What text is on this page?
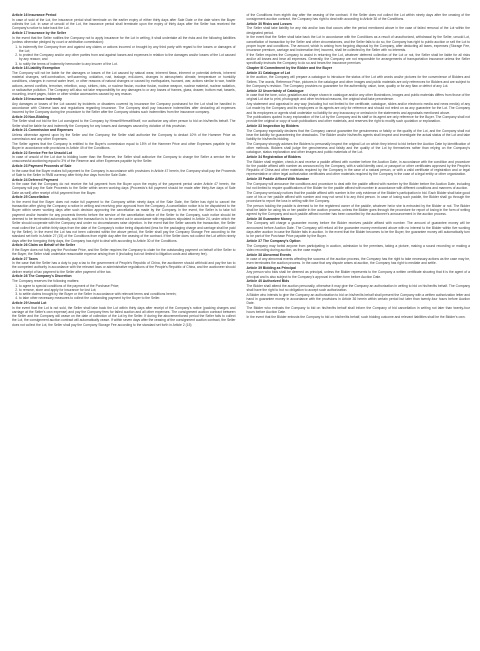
Article 16 Insurance Period

In case of sold of the Lot, the insurance period shall terminate on the earlier expiry of either thirty days after Sale Date or the date when the Buyer collects the Lot. In case of unsold of the Lot, the insurance period shall terminate upon the expiry of thirty days after the Seller has received the Company's notice to take back the Lot.

Article 17 Insurance by the Seller

In the event that the Seller notifies the Company not to apply insurance for the Lot in writing, it shall undertake all the risks and the following liabilities (unless otherwise pledged by court or arbitration commission):

1. to indemnify the Company from and against any claims or actions incurred or brought by any third party with regard to the losses or damages of the Lot;
2. to protect the Company and/or any other parties from and against losses and expenses in relation to the damages and/or losses of the Lot caused by any reason; and
3. to notify the terms of indemnity hereunder to any insurer of the Lot.
Article 18 Liability Exemption

The Company will not be liable for the damages or losses of the Lot caused by natural wear, inherent flaws, inherent or potential defects, inherent material changes, self-combustion, self-warming, oxidation, rust, leakage, evil-doers, changes in atmospheric climate, temperature or humidity conditions, changes in normal water level, or other reasons of natural changes or caused by earthquakes, tsunami, war, actions similar to war, hostile actions, armed conflicts, terrorism, rebellion, coup, strikes, riots, or nuclear fission, nuclear fusion, nuclear weapon, nuclear material, nuclear radiation, or radioactive pollution. The Company will also not take responsibility for any damages to or any losses of frames, glass, drawer, bottom mat, tassels, mounting, insert pages, folder or other similar accessories caused by any reason.

Article 19 Insurance Indemnity

Any damages or losses of the Lot caused by incidents or disasters covered by insurance the Company purchased for the Lot shall be handled in accordance with Chinese laws and regulations regarding insurance. The Company shall pay insurance indemnities after deducting all expenses incurred by the Company during the procedure to the Seller after the Company obtains such indemnities from the insurance company.

Article 20 Non-Bidding

The Seller shall not bid for the Lot consigned to the Company by Himself/Herself/Itself, nor authorize any other person to bid on his/her/its behalf. The Seller shall be liable for and indemnify the Company for any losses and damages caused by violation of this provision.

Article 21 Commission and Expenses

Unless otherwise agreed upon by the Seller and the Company, the Seller shall authorize the Company to deduct 10% of the Hammer Price as commission and any other Expenses.

The Seller agrees that the Company is entitled to the Buyer's commission equal to 15% of the Hammer Price and other Expenses payable by the Buyer in accordance with provisions in Article 49 of the Conditions.

Article 22 Service Fee for Unsold Lot

In case of unsold of the Lot due to bidding lower than the Reserve, the Seller shall authorize the Company to charge the Seller a service fee for unsuccessful auctioning equal to 3% of the Reserve and other Expenses payable by the Seller.

Article 23 Payment Proceeds of Sale

In the case that the Buyer makes full payment to the Company in accordance with provisions in Article 47 herein, the Company shall pay the Proceeds of Sale to the Seller in RMB currency after thirty-five days from the Sale Date.

Article 24 Deferred Payment

In the case that the Company do not receive the full payment from the Buyer upon the expiry of the payment period under Article 47 herein, the Company will pay the Sale Proceeds to the Seller within seven working days (Proceeds's full payment should be made after thirty-five days of Sale Date as well) after receipt of full payment from the Buyer.

Article 25 Cancellation

In the event that the Buyer does not make full payment to the Company within ninety days of the Sale Date, the Seller has right to cancel the transaction after giving the Company a notice in writing and receiving prior approval from the Company. A cancellation notice is to be dispatched to the Buyer within seven working days after such decision approving the cancellation as made by the Company. In the event, the Seller is to take full payment and/or transfer for any proceeds thereto before the service of the cancellation notice of the Seller to the Company, such notice should be deemed to be terminated automatically, and the transaction is to be carried out in accordance with regulations stipulated in Article 24, under which the Seller should cooperate with the Company and under no circumstances raise objection. In the event that the Seller cancels the transaction, the Seller must collect the Lot within thirty days from the date of the Company's notice being dispatched (less for the packaging charge and carriage shall be paid by the Seller). In the event the Lot has not been collected within the above period, the Seller shall pay the Company Storage Fee according to the standard set forth in Article 27 (15) of the Conditions from eighth day after the ceasing of the contract. If the Seller does not collect the Lot within ninety days after the foregoing thirty days, the Company has right to deal with according to Article 30 of the Conditions.

Article 26 Claim on Behalf of the Seller

If the Buyer does not fully pay the Purchase Price, and the Seller requires the Company to claim for the outstanding payment on behalf of the Seller to the Buyer, the Seller shall undertake reasonable expense arising from it (including but not limited to litigation costs and attorney fee).

Article 27 Taxes

In the case that the Seller has a duty to pay a tax to the government of People's Republic of China, the auctioneer should withhold and pay the tax to the competent authority in accordance with the relevant laws or administrative regulations of the People's Republic of China, and the auctioneer should deliver receipt of tax payment to the Seller after payment of the tax.

Article 28 The Company's Discretion

The Company reserves the following matters:

1. to agree to special conditions of the payment of the Purchase Price;
2. to remove, store and apply for insurance for lost Lot;
3. to settle claims brought by the Buyer or the Seller in accordance with relevant terms and conditions herein;
4. to take other necessary measures to collect the outstanding payment by the Buyer to the Seller.
Article 29 Unsold Lot

In the event that the Lot is not sold, the Seller shall take back the Lot within thirty days after receipt of the Company's notice (packing charges and carriage at the Seller's own expense) and pay the Company fees for failed auction and all other expenses. The consignment auction contract between the Seller and the Company will cease on the date of collection of the Lot by the Seller. If during the abovementioned period the Seller fails to collect the Lot, the consignment auction contract will automatically cease. If within seven days after the ceasing of the consignment auction contract, the Seller does not collect the Lot, the Seller shall pay the Company Storage Fee according to the standard set forth in Article 2 (15)

of the Conditions from eighth day after the ceasing of the contract. If the Seller does not collect the Lot within ninety days after the ceasing of the consignment auction contract, the Company has right to deal with according to Article 30 of the Conditions.

Article 30 Risks and Losses

The Seller shall take liability for any risk and/or loss that occurs after the period mentioned above in the case of failed removal of the Lot within the designated period.

In the event that the Seller shall take back the Lot in accordance with the Conditions as a result of unauthorized, withdrawal by the Seller, unsold Lot, cancellation of transaction by the Seller and other circumstances, and the Seller fails to do so, the Company has right to public auction or sell the Lot to proper buyer and conditions. The amount, which is arising from forgoing disposal by the Company, after deducting all taxes, expenses (Storage Fee, insurance premium, carriage and incineration fee) incurred, shall be collected by the Seller with no interests.

If the Seller requires the Company to assist in returning the Lot, whatever deferred collection of the Lot or not, the Seller shall be liable for all risks and/or all losses and bear all expenses. Generally, the Company are not responsible for arrangements of transportation insurance unless the Seller specifically instructs the Company to do so and bears the insurance premium.

Chapter III Commitment by the Bidder and the Buyer
Article 31 Catalogue of Lot

In the auction, the Company will prepare a catalogue to introduce the status of the Lot with words and/or pictures for the convenience of Bidders and Sellers. The words, Reference Price, pictures in the catalogue and other images and public materials are only references for Bidders and are subject to the Company's revision. The Company provides no guarantee for the authenticity, value, tone, quality or for any flaw or defect of any Lot.

Article 32 Uncertainty of Catalogue

In case that the tone, color, gradation and shape shown in catalogue and/or any other illustrations, images and public materials differs from those of the original Lot due to print, photograph and other technical reasons, the original shall take precedence.

Any statement and appraisal in any way (including but not limited to the certificate, catalogue, slides and/or electronic media and news media) of any Lot made by the Company and its employees or its agents are only for reference and should not relied on as any guarantee for the Lot. The Company and its employees or agents shall undertake no liability for any inaccuracy or omission in the statements and appraisals mentioned above.

The publications quoted in any explanation of the Lot by the Company and its staff or its agent are only reference for the Buyer. The Company shall not provide the original or copy of such publications and other materials, and reserves the right to modify such quotation or explanation.

Article 33 Inspection by Bidders

The Company especially declares that the Company cannot guarantee the genuineness or falsity or the quality of the Lot, and the Company shall not bear the liability for guaranteeing the drawbacks. The Bidder and/or his/her/its agents shall inspect and investigate the actual status of the Lot and take liability for his/her/its bidding.

The Company strongly advises the Bidders to personally inspect the original Lot on which they intend to bid before the Auction Date by identification of other methods. Bidders shall judge the genuineness and falsity and the quality of the Lot by themselves rather than relying on the Company's catalogue, status explanation and other images and public materials of the Lot.

Article 34 Registration of Bidders

The Bidder shall register, check-in and receive a paddle affixed with number before the Auction Date, in accordance with the condition and procedure for the paddle affixed with number as announced by the Company, with a valid identity card, or passport or other certificates approved by the People's Republic of China and other materials required by the Company in the case of a natural person, or with a valid certificate of registration and or legal representative or other legal authorization certificates and other materials required by the Company in the case of a legal entity or other organization.

Article 35 Paddle Affixed With Number

The Company will announce the conditions and procedure to deal with the paddle affixed with number by the Bidder before the Auction Date, including but not limited to require qualifications of the Bidder for the paddle affixed with number in accordance with different conditions and manners of auction.

The Company seriously notices that the paddle affixed with number is the only evidence of the Bidder's participation in bid. Each Bidder shall take good care of his or her paddle affixed with number and may not send it to any third person. In case of losing such paddle, the Bidder shall go through the procedure to report the loss in writing with the Company.

The person holding the paddle is deemed to be the registered owner of the paddle, whatever he/or she is entrusted by the Bidder or not. The Bidder shall be liable for using his or her paddle in the auction process, unless the Bidder goes through the procedure for report of losing in the form of writing agreed by the Company and such paddle affixed number has been cancelled by the auctioneer's announcement in the auction process.

Article 36 Guarantee Money

The Company will charge a guarantee money before the Bidder receives paddle affixed with number. The amount of guarantee money will be announced before Auction Date. The Company will refund all the guarantee money mentioned above with no interest to the Bidder within five working days after auction in case the Bidder fails in auction. In the event that the Bidder becomes to be the Buyer, the guarantee money will automatically turn to be part of the Purchase Price payable by the Buyer.

Article 37 The Company's Option

The Company may forbid anyone from participating in auction, admission to the premises, taking a picture, making a sound recording or making a video recording during auction, as the case maybe.

Article 38 Abnormal Events

In case of any abnormal events affecting the success of the auction process, the Company has the right to take necessary actions as the case may be, even terminates the auction process. In the case that any dispute arises at auction, the Company has right to mediate and settle.

Article 39 Bidding as Principal

Any person who bids shall be deemed as principal, unless the Bidder represents to the Company a written certificate showing that it is the agent of a principal and is also subject to the Company's approval in written form before Auction Date.

Article 40 Authorized Bids

The Bidder shall attend the auction personally, otherwise it may give the Company an authorization in writing to bid on his/her/its behalf. The Company shall have the right to but no obligation to accept such authorization.

A Bidder who intends to give the Company an authorization to bid on his/her/its behalf shall present the Company with a written authorization letter and hand in guarantee money in accordance with the provisions in Article 36 herein within certain period but later than twenty-four hours before Auction Date.

The Bidder who entrusts the Company to bid on his/her/its behalf shall inform the Company of bid cancellation in writing not later than twenty-four hours before Auction Date.

In the event that the Bidder entrusts the Company to bid on his/her/its behalf, such bidding outcome and relevant liabilities shall be the Bidder's own.
